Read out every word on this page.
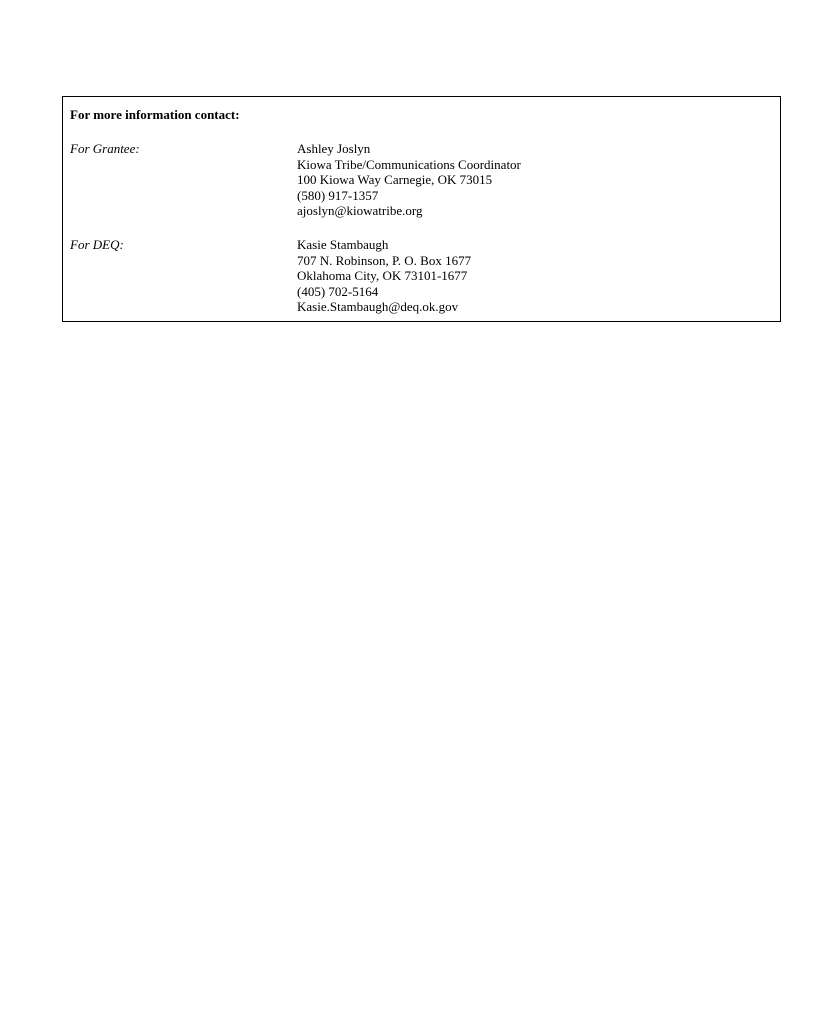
For more information contact:
For Grantee:	Ashley Joslyn
Kiowa Tribe/Communications Coordinator
100 Kiowa Way Carnegie, OK 73015
(580) 917-1357
ajoslyn@kiowatribe.org
For DEQ:	Kasie Stambaugh
707 N. Robinson, P. O. Box 1677
Oklahoma City, OK 73101-1677
(405) 702-5164
Kasie.Stambaugh@deq.ok.gov
